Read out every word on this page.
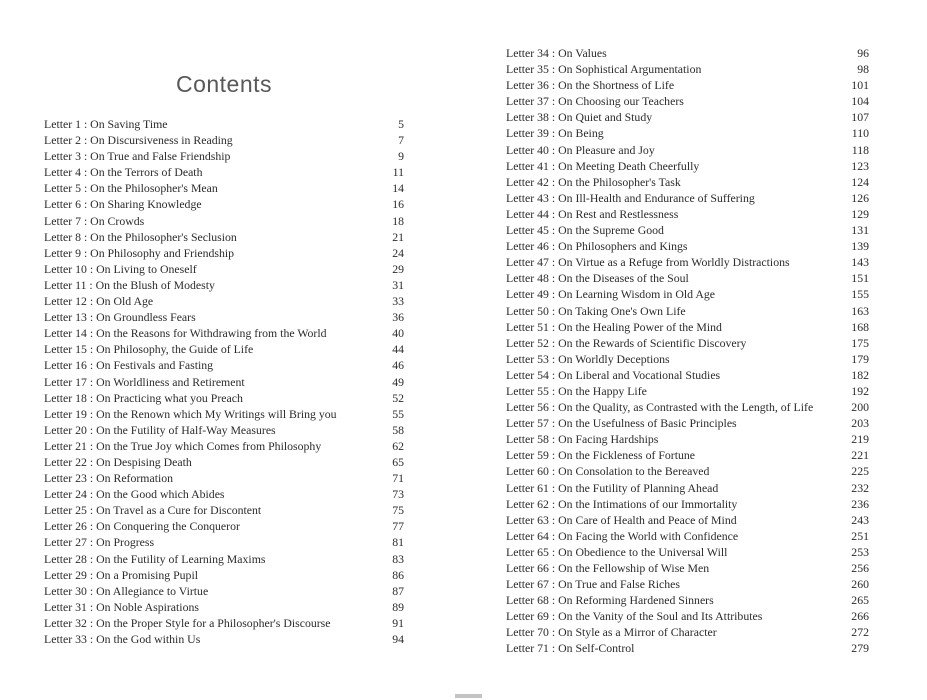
Contents
Letter 1 : On Saving Time	5
Letter 2 : On Discursiveness in Reading	7
Letter 3 : On True and False Friendship	9
Letter 4 : On the Terrors of Death	11
Letter 5 : On the Philosopher's Mean	14
Letter 6 : On Sharing Knowledge	16
Letter 7 : On Crowds	18
Letter 8 : On the Philosopher's Seclusion	21
Letter 9 : On Philosophy and Friendship	24
Letter 10 : On Living to Oneself	29
Letter 11 : On the Blush of Modesty	31
Letter 12 : On Old Age	33
Letter 13 : On Groundless Fears	36
Letter 14 : On the Reasons for Withdrawing from the World	40
Letter 15 : On Philosophy, the Guide of Life	44
Letter 16 : On Festivals and Fasting	46
Letter 17 : On Worldliness and Retirement	49
Letter 18 : On Practicing what you Preach	52
Letter 19 : On the Renown which My Writings will Bring you	55
Letter 20 : On the Futility of Half-Way Measures	58
Letter 21 : On the True Joy which Comes from Philosophy	62
Letter 22 : On Despising Death	65
Letter 23 : On Reformation	71
Letter 24 : On the Good which Abides	73
Letter 25 : On Travel as a Cure for Discontent	75
Letter 26 : On Conquering the Conqueror	77
Letter 27 : On Progress	81
Letter 28 : On the Futility of Learning Maxims	83
Letter 29 : On a Promising Pupil	86
Letter 30 : On Allegiance to Virtue	87
Letter 31 : On Noble Aspirations	89
Letter 32 : On the Proper Style for a Philosopher's Discourse	91
Letter 33 : On the God within Us	94
Letter 34 : On Values	96
Letter 35 : On Sophistical Argumentation	98
Letter 36 : On the Shortness of Life	101
Letter 37 : On Choosing our Teachers	104
Letter 38 : On Quiet and Study	107
Letter 39 : On Being	110
Letter 40 : On Pleasure and Joy	118
Letter 41 : On Meeting Death Cheerfully	123
Letter 42 : On the Philosopher's Task	124
Letter 43 : On Ill-Health and Endurance of Suffering	126
Letter 44 : On Rest and Restlessness	129
Letter 45 : On the Supreme Good	131
Letter 46 : On Philosophers and Kings	139
Letter 47 : On Virtue as a Refuge from Worldly Distractions	143
Letter 48 : On the Diseases of the Soul	151
Letter 49 : On Learning Wisdom in Old Age	155
Letter 50 : On Taking One's Own Life	163
Letter 51 : On the Healing Power of the Mind	168
Letter 52 : On the Rewards of Scientific Discovery	175
Letter 53 : On Worldly Deceptions	179
Letter 54 : On Liberal and Vocational Studies	182
Letter 55 : On the Happy Life	192
Letter 56 : On the Quality, as Contrasted with the Length, of Life	200
Letter 57 : On the Usefulness of Basic Principles	203
Letter 58 : On Facing Hardships	219
Letter 59 : On the Fickleness of Fortune	221
Letter 60 : On Consolation to the Bereaved	225
Letter 61 : On the Futility of Planning Ahead	232
Letter 62 : On the Intimations of our Immortality	236
Letter 63 : On Care of Health and Peace of Mind	243
Letter 64 : On Facing the World with Confidence	251
Letter 65 : On Obedience to the Universal Will	253
Letter 66 : On the Fellowship of Wise Men	256
Letter 67 : On True and False Riches	260
Letter 68 : On Reforming Hardened Sinners	265
Letter 69 : On the Vanity of the Soul and Its Attributes	266
Letter 70 : On Style as a Mirror of Character	272
Letter 71 : On Self-Control	279
